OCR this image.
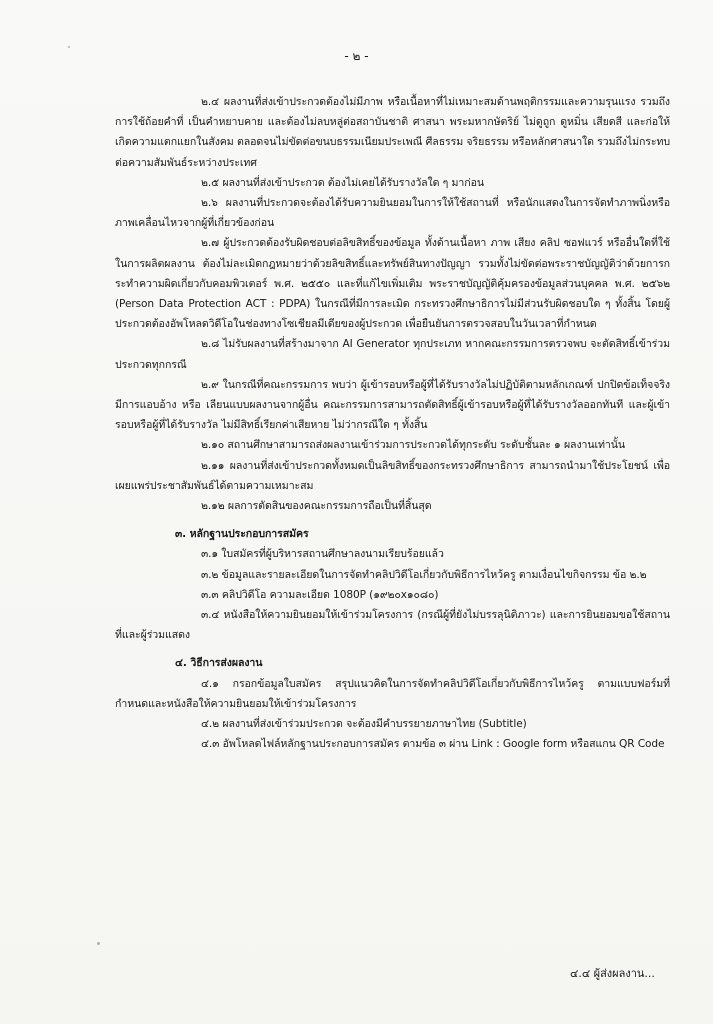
- ๒ -

๒.๔ ผลงานที่ส่งเข้าประกวดต้องไม่มีภาพ หรือเนื้อหาที่ไม่เหมาะสมด้านพฤติกรรมและความรุนแรง รวมถึงการใช้ถ้อยคำที่ เป็นคำหยาบคาย และต้องไม่ลบหลู่ต่อสถาบันชาติ ศาสนา พระมหากษัตริย์ ไม่ดูถูก ดูหมิ่น เสียดสี และก่อให้เกิดความแตกแยกในสังคม ตลอดจนไม่ขัดต่อขนบธรรมเนียมประเพณี ศีลธรรม จริยธรรม หรือหลักศาสนาใด รวมถึงไม่กระทบต่อความสัมพันธ์ระหว่างประเทศ

๒.๕ ผลงานที่ส่งเข้าประกวด ต้องไม่เคยได้รับรางวัลใด ๆ มาก่อน

๒.๖ ผลงานที่ประกวดจะต้องได้รับความยินยอมในการให้ใช้สถานที่ หรือนักแสดงในการจัดทำภาพนิ่งหรือภาพเคลื่อนไหวจากผู้ที่เกี่ยวข้องก่อน

๒.๗ ผู้ประกวดต้องรับผิดชอบต่อลิขสิทธิ์ของข้อมูล ทั้งด้านเนื้อหา ภาพ เสียง คลิป ซอฟแวร์ หรืออื่นใดที่ใช้ในการผลิตผลงาน ต้องไม่ละเมิดกฎหมายว่าด้วยลิขสิทธิ์และทรัพย์สินทางปัญญา รวมทั้งไม่ขัดต่อพระราชบัญญัติว่าด้วยการกระทำความผิดเกี่ยวกับคอมพิวเตอร์ พ.ศ. ๒๕๕๐ และที่แก้ไขเพิ่มเติม พระราชบัญญัติคุ้มครองข้อมูลส่วนบุคคล พ.ศ. ๒๕๖๒ (Person Data Protection ACT : PDPA) ในกรณีที่มีการละเมิด กระทรวงศึกษาธิการไม่มีส่วนรับผิดชอบใด ๆ ทั้งสิ้น โดยผู้ประกวดต้องอัพโหลดวิดีโอในช่องทางโซเชียลมีเดียของผู้ประกวด เพื่อยืนยันการตรวจสอบในวันเวลาที่กำหนด

๒.๘ ไม่รับผลงานที่สร้างมาจาก AI Generator ทุกประเภท หากคณะกรรมการตรวจพบ จะตัดสิทธิ์เข้าร่วมประกวดทุกกรณี

๒.๙ ในกรณีที่คณะกรรมการ พบว่า ผู้เข้ารอบหรือผู้ที่ได้รับรางวัลไม่ปฏิบัติตามหลักเกณฑ์ ปกปิดข้อเท็จจริงมีการแอบอ้าง หรือ เลียนแบบผลงานจากผู้อื่น คณะกรรมการสามารถตัดสิทธิ์ผู้เข้ารอบหรือผู้ที่ได้รับรางวัลออกทันที และผู้เข้ารอบหรือผู้ที่ได้รับรางวัล ไม่มีสิทธิ์เรียกค่าเสียหาย ไม่ว่ากรณีใด ๆ ทั้งสิ้น

๒.๑๐ สถานศึกษาสามารถส่งผลงานเข้าร่วมการประกวดได้ทุกระดับ ระดับชั้นละ ๑ ผลงานเท่านั้น

๒.๑๑ ผลงานที่ส่งเข้าประกวดทั้งหมดเป็นลิขสิทธิ์ของกระทรวงศึกษาธิการ สามารถนำมาใช้ประโยชน์ เพื่อเผยแพร่ประชาสัมพันธ์ได้ตามความเหมาะสม

๒.๑๒ ผลการตัดสินของคณะกรรมการถือเป็นที่สิ้นสุด

๓. หลักฐานประกอบการสมัคร

๓.๑ ใบสมัครที่ผู้บริหารสถานศึกษาลงนามเรียบร้อยแล้ว

๓.๒ ข้อมูลและรายละเอียดในการจัดทำคลิปวิดีโอเกี่ยวกับพิธีการไหว้ครู ตามเงื่อนไขกิจกรรม ข้อ ๒.๒

๓.๓ คลิปวิดีโอ ความละเอียด 1080P (๑๙๒๐x๑๐๘๐)

๓.๔ หนังสือให้ความยินยอมให้เข้าร่วมโครงการ (กรณีผู้ที่ยังไม่บรรลุนิติภาวะ) และการยินยอมขอใช้สถานที่และผู้ร่วมแสดง

๔. วิธีการส่งผลงาน

๔.๑ กรอกข้อมูลใบสมัคร สรุปแนวคิดในการจัดทำคลิปวิดีโอเกี่ยวกับพิธีการไหว้ครู ตามแบบฟอร์มที่กำหนดและหนังสือให้ความยินยอมให้เข้าร่วมโครงการ

๔.๒ ผลงานที่ส่งเข้าร่วมประกวด จะต้องมีคำบรรยายภาษาไทย (Subtitle)

๔.๓ อัพโหลดไฟล์หลักฐานประกอบการสมัคร ตามข้อ ๓ ผ่าน Link : Google form หรือสแกน QR Code

๔.๔ ผู้ส่งผลงาน...
